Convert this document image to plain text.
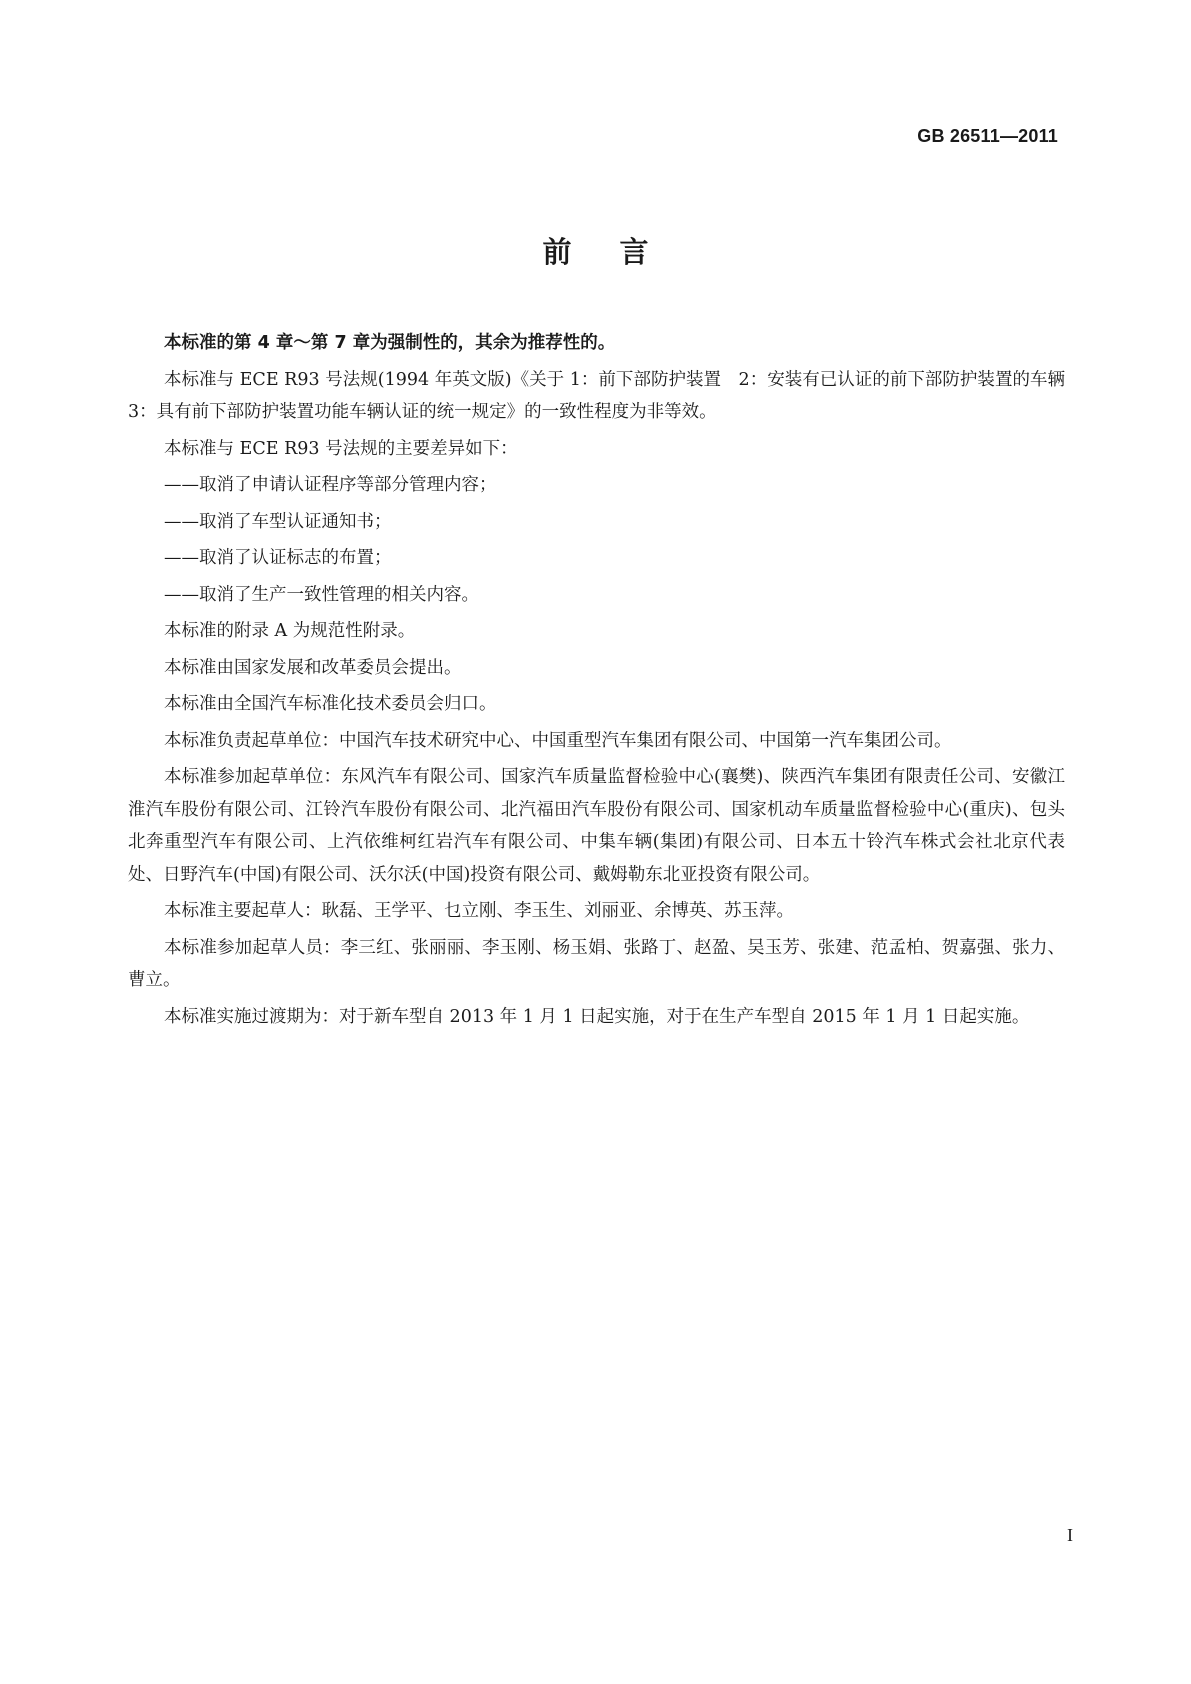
GB 26511—2011
前言

本标准的第 4 章～第 7 章为强制性的，其余为推荐性的。

本标准与 ECE R93 号法规(1994 年英文版)《关于 1：前下部防护装置　2：安装有已认证的前下部防护装置的车辆　3：具有前下部防护装置功能车辆认证的统一规定》的一致性程度为非等效。

本标准与 ECE R93 号法规的主要差异如下：

——取消了申请认证程序等部分管理内容；

——取消了车型认证通知书；

——取消了认证标志的布置；

——取消了生产一致性管理的相关内容。

本标准的附录 A 为规范性附录。

本标准由国家发展和改革委员会提出。

本标准由全国汽车标准化技术委员会归口。

本标准负责起草单位：中国汽车技术研究中心、中国重型汽车集团有限公司、中国第一汽车集团公司。

本标准参加起草单位：东风汽车有限公司、国家汽车质量监督检验中心(襄樊)、陕西汽车集团有限责任公司、安徽江淮汽车股份有限公司、江铃汽车股份有限公司、北汽福田汽车股份有限公司、国家机动车质量监督检验中心(重庆)、包头北奔重型汽车有限公司、上汽依维柯红岩汽车有限公司、中集车辆(集团)有限公司、日本五十铃汽车株式会社北京代表处、日野汽车(中国)有限公司、沃尔沃(中国)投资有限公司、戴姆勒东北亚投资有限公司。

本标准主要起草人：耿磊、王学平、乜立刚、李玉生、刘丽亚、余博英、苏玉萍。

本标准参加起草人员：李三红、张丽丽、李玉刚、杨玉娟、张路丁、赵盈、吴玉芳、张建、范孟柏、贺嘉强、张力、曹立。

本标准实施过渡期为：对于新车型自 2013 年 1 月 1 日起实施，对于在生产车型自 2015 年 1 月 1 日起实施。

I
